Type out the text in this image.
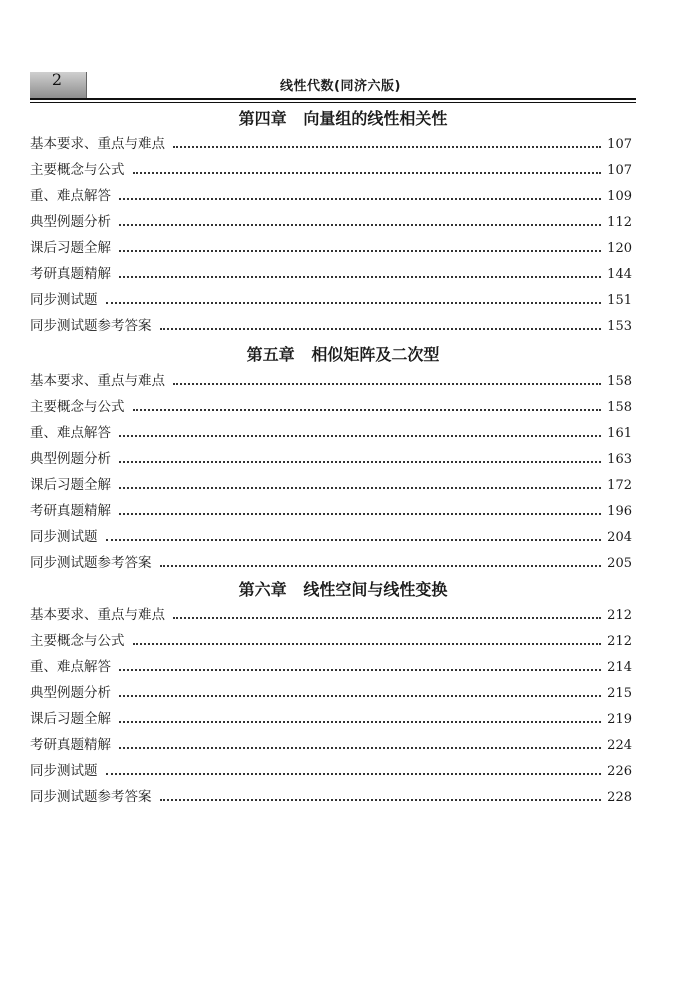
2	线性代数(同济六版)
第四章   向量组的线性相关性
基本要求、重点与难点	107
主要概念与公式	107
重、难点解答	109
典型例题分析	112
课后习题全解	120
考研真题精解	144
同步测试题	151
同步测试题参考答案	153
第五章   相似矩阵及二次型
基本要求、重点与难点	158
主要概念与公式	158
重、难点解答	161
典型例题分析	163
课后习题全解	172
考研真题精解	196
同步测试题	204
同步测试题参考答案	205
第六章   线性空间与线性变换
基本要求、重点与难点	212
主要概念与公式	212
重、难点解答	214
典型例题分析	215
课后习题全解	219
考研真题精解	224
同步测试题	226
同步测试题参考答案	228
